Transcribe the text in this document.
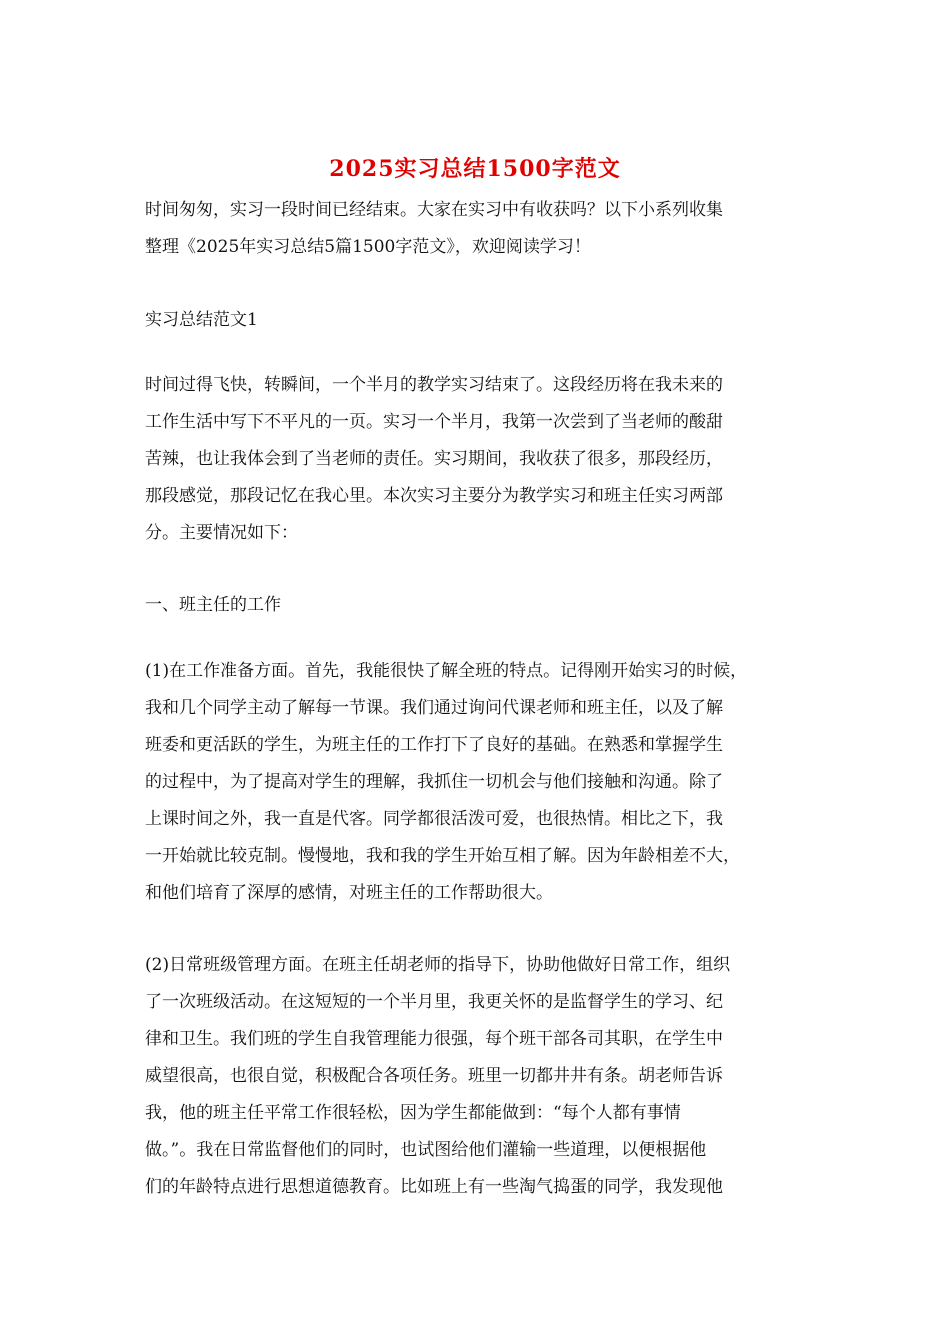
2025实习总结1500字范文
时间匆匆，实习一段时间已经结束。大家在实习中有收获吗？以下小系列收集
整理《2025年实习总结5篇1500字范文》，欢迎阅读学习！
实习总结范文1
时间过得飞快，转瞬间，一个半月的教学实习结束了。这段经历将在我未来的
工作生活中写下不平凡的一页。实习一个半月，我第一次尝到了当老师的酸甜
苦辣，也让我体会到了当老师的责任。实习期间，我收获了很多，那段经历，
那段感觉，那段记忆在我心里。本次实习主要分为教学实习和班主任实习两部
分。主要情况如下：
一、班主任的工作
(1)在工作准备方面。首先，我能很快了解全班的特点。记得刚开始实习的时候，
我和几个同学主动了解每一节课。我们通过询问代课老师和班主任，以及了解
班委和更活跃的学生，为班主任的工作打下了良好的基础。在熟悉和掌握学生
的过程中，为了提高对学生的理解，我抓住一切机会与他们接触和沟通。除了
上课时间之外，我一直是代客。同学都很活泼可爱，也很热情。相比之下，我
一开始就比较克制。慢慢地，我和我的学生开始互相了解。因为年龄相差不大，
和他们培育了深厚的感情，对班主任的工作帮助很大。
(2)日常班级管理方面。在班主任胡老师的指导下，协助他做好日常工作，组织
了一次班级活动。在这短短的一个半月里，我更关怀的是监督学生的学习、纪
律和卫生。我们班的学生自我管理能力很强，每个班干部各司其职，在学生中
威望很高，也很自觉，积极配合各项任务。班里一切都井井有条。胡老师告诉
我，他的班主任平常工作很轻松，因为学生都能做到：“每个人都有事情
做。”。我在日常监督他们的同时，也试图给他们灌输一些道理，以便根据他
们的年龄特点进行思想道德教育。比如班上有一些淘气捣蛋的同学，我发现他
